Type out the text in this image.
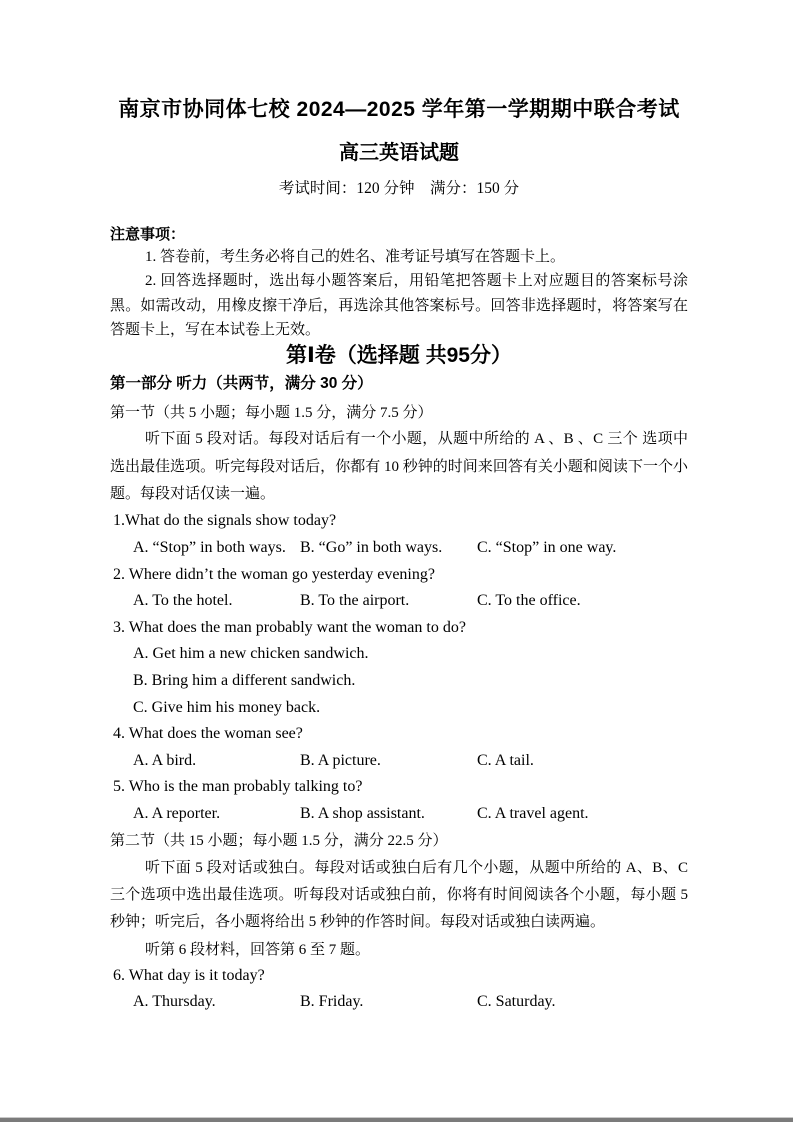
南京市协同体七校 2024—2025 学年第一学期期中联合考试
高三英语试题
考试时间：120 分钟　满分：150 分
注意事项：

1. 答卷前，考生务必将自己的姓名、准考证号填写在答题卡上。

2. 回答选择题时，选出每小题答案后，用铅笔把答题卡上对应题目的答案标号涂黑。如需改动，用橡皮擦干净后，再选涂其他答案标号。回答非选择题时，将答案写在答题卡上，写在本试卷上无效。

第Ⅰ卷（选择题 共95分）
第一部分 听力（共两节，满分 30 分）
第一节（共 5 小题；每小题 1.5 分，满分 7.5 分）

听下面 5 段对话。每段对话后有一个小题，从题中所给的 A 、B 、C 三个 选项中选出最佳选项。听完每段对话后，你都有 10 秒钟的时间来回答有关小题和阅读下一个小题。每段对话仅读一遍。

1.What do the signals show today?
A. “Stop” in both ways. B. “Go” in both ways. C. “Stop” in one way.
2. Where didn’t the woman go yesterday evening?
A. To the hotel.	B. To the airport.	C. To the office.
3. What does the man probably want the woman to do?
A. Get him a new chicken sandwich.
B. Bring him a different sandwich.
C. Give him his money back.
4. What does the woman see?
A. A bird.	B. A picture.	C. A tail.
5. Who is the man probably talking to?
A. A reporter.	B. A shop assistant.	C. A travel agent.
第二节（共 15 小题；每小题 1.5 分，满分 22.5 分）

听下面 5 段对话或独白。每段对话或独白后有几个小题，从题中所给的 A、B、C 三个选项中选出最佳选项。听每段对话或独白前，你将有时间阅读各个小题，每小题 5 秒钟；听完后，各小题将给出 5 秒钟的作答时间。每段对话或独白读两遍。

听第 6 段材料，回答第 6 至 7 题。

6. What day is it today?
A. Thursday.	B. Friday.	C. Saturday.
